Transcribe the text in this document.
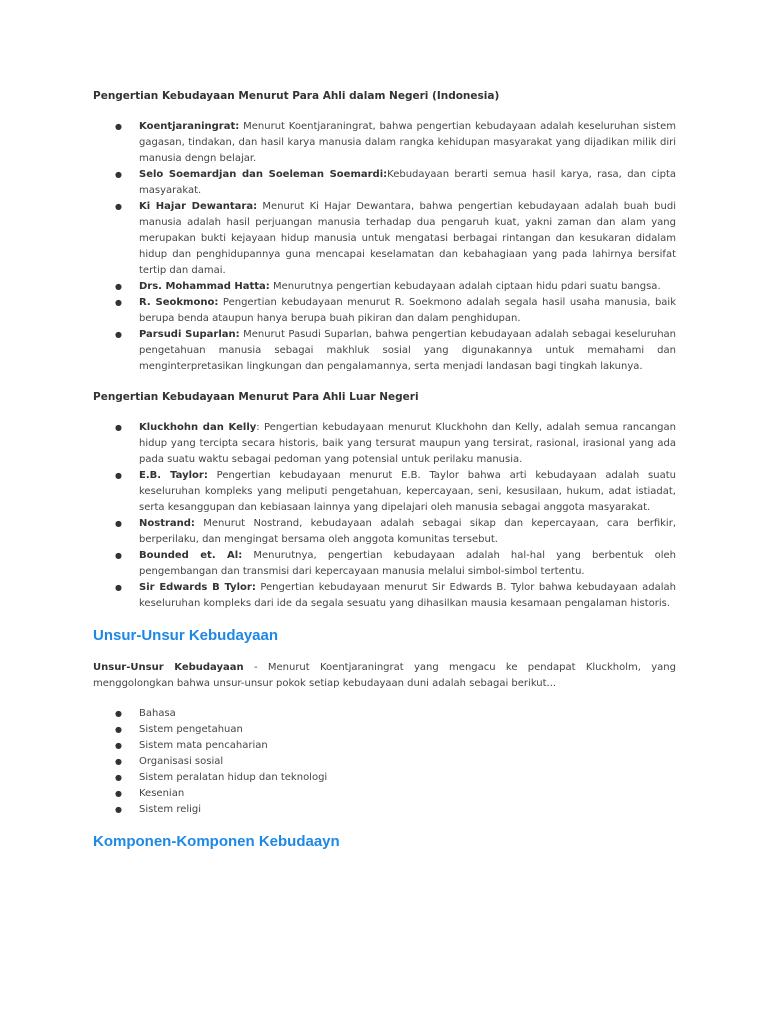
Pengertian Kebudayaan Menurut Para Ahli dalam Negeri (Indonesia)

● Koentjaraningrat: Menurut Koentjaraningrat, bahwa pengertian kebudayaan adalah keseluruhan sistem gagasan, tindakan, dan hasil karya manusia dalam rangka kehidupan masyarakat yang dijadikan milik diri manusia dengn belajar.
● Selo Soemardjan dan Soeleman Soemardi:Kebudayaan berarti semua hasil karya, rasa, dan cipta masyarakat.
● Ki Hajar Dewantara: Menurut Ki Hajar Dewantara, bahwa pengertian kebudayaan adalah buah budi manusia adalah hasil perjuangan manusia terhadap dua pengaruh kuat, yakni zaman dan alam yang merupakan bukti kejayaan hidup manusia untuk mengatasi berbagai rintangan dan kesukaran didalam hidup dan penghidupannya guna mencapai keselamatan dan kebahagiaan yang pada lahirnya bersifat tertip dan damai.
● Drs. Mohammad Hatta: Menurutnya pengertian kebudayaan adalah ciptaan hidu pdari suatu bangsa.
● R. Seokmono: Pengertian kebudayaan menurut R. Soekmono adalah segala hasil usaha manusia, baik berupa benda ataupun hanya berupa buah pikiran dan dalam penghidupan.
● Parsudi Suparlan: Menurut Pasudi Suparlan, bahwa pengertian kebudayaan adalah sebagai keseluruhan pengetahuan manusia sebagai makhluk sosial yang digunakannya untuk memahami dan menginterpretasikan lingkungan dan pengalamannya, serta menjadi landasan bagi tingkah lakunya.

Pengertian Kebudayaan Menurut Para Ahli Luar Negeri

● Kluckhohn dan Kelly: Pengertian kebudayaan menurut Kluckhohn dan Kelly, adalah semua rancangan hidup yang tercipta secara historis, baik yang tersurat maupun yang tersirat, rasional, irasional yang ada pada suatu waktu sebagai pedoman yang potensial untuk perilaku manusia.
● E.B. Taylor: Pengertian kebudayaan menurut E.B. Taylor bahwa arti kebudayaan adalah suatu keseluruhan kompleks yang meliputi pengetahuan, kepercayaan, seni, kesusilaan, hukum, adat istiadat, serta kesanggupan dan kebiasaan lainnya yang dipelajari oleh manusia sebagai anggota masyarakat.
● Nostrand: Menurut Nostrand, kebudayaan adalah sebagai sikap dan kepercayaan, cara berfikir, berperilaku, dan mengingat bersama oleh anggota komunitas tersebut.
● Bounded et. Al: Menurutnya, pengertian kebudayaan adalah hal-hal yang berbentuk oleh pengembangan dan transmisi dari kepercayaan manusia melalui simbol-simbol tertentu.
● Sir Edwards B Tylor: Pengertian kebudayaan menurut Sir Edwards B. Tylor bahwa kebudayaan adalah keseluruhan kompleks dari ide da segala sesuatu yang dihasilkan mausia kesamaan pengalaman historis.
Unsur-Unsur Kebudayaan

Unsur-Unsur Kebudayaan - Menurut Koentjaraningrat yang mengacu ke pendapat Kluckholm, yang menggolongkan bahwa unsur-unsur pokok setiap kebudayaan duni adalah sebagai berikut...

● Bahasa
● Sistem pengetahuan
● Sistem mata pencaharian
● Organisasi sosial
● Sistem peralatan hidup dan teknologi
● Kesenian
● Sistem religi
Komponen-Komponen Kebudaayn
